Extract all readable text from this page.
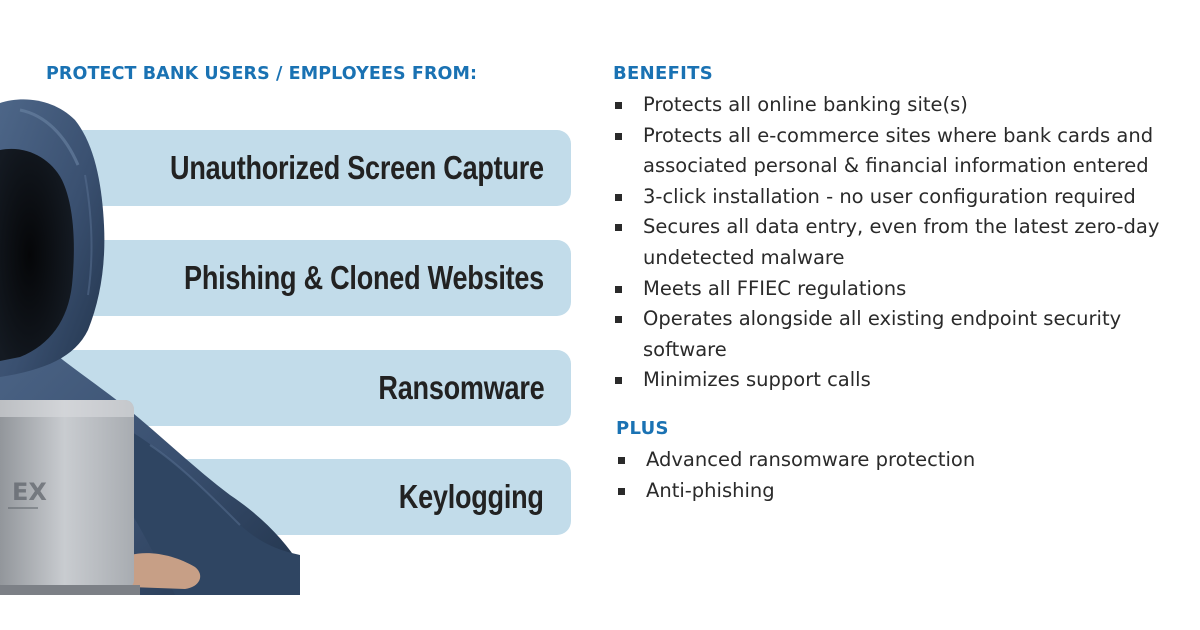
PROTECT BANK USERS / EMPLOYEES FROM:
Unauthorized Screen Capture
Phishing & Cloned Websites
Ransomware
Keylogging
EX
BENEFITS
Protects all online banking site(s)
Protects all e-commerce sites where bank cards and associated personal & financial information entered
3-click installation - no user configuration required
Secures all data entry, even from the latest zero-day undetected malware
Meets all FFIEC regulations
Operates alongside all existing endpoint security software
Minimizes support calls
PLUS
Advanced ransomware protection
Anti-phishing
